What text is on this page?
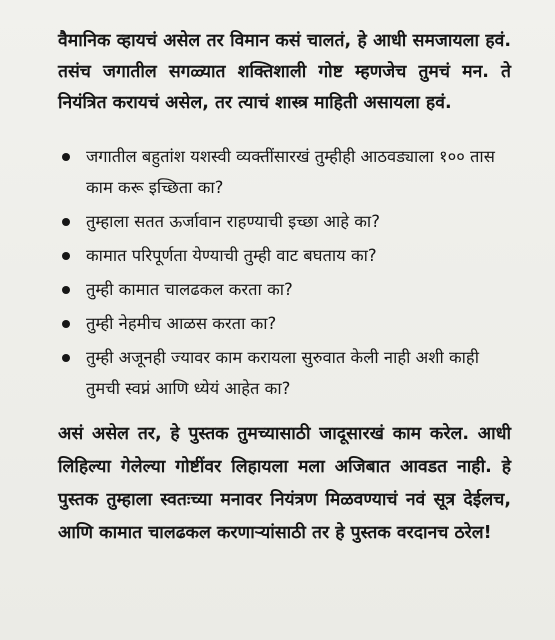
वैमानिक व्हायचं असेल तर विमान कसं चालतं, हे आधी समजायला हवं. तसंच जगातील सगळ्यात शक्तिशाली गोष्ट म्हणजेच तुमचं मन. ते नियंत्रित करायचं असेल, तर त्याचं शास्त्र माहिती असायला हवं.

जगातील बहुतांश यशस्वी व्यक्तींसारखं तुम्हीही आठवड्याला १०० तास काम करू इच्छिता का?
तुम्हाला सतत ऊर्जावान राहण्याची इच्छा आहे का?
कामात परिपूर्णता येण्याची तुम्ही वाट बघताय का?
तुम्ही कामात चालढकल करता का?
तुम्ही नेहमीच आळस करता का?
तुम्ही अजूनही ज्यावर काम करायला सुरुवात केली नाही अशी काही तुमची स्वप्नं आणि ध्येयं आहेत का?

असं असेल तर, हे पुस्तक तुमच्यासाठी जादूसारखं काम करेल. आधी लिहिल्या गेलेल्या गोष्टींवर लिहायला मला अजिबात आवडत नाही. हे पुस्तक तुम्हाला स्वतःच्या मनावर नियंत्रण मिळवण्याचं नवं सूत्र देईलच, आणि कामात चालढकल करणाऱ्यांसाठी तर हे पुस्तक वरदानच ठरेल!
